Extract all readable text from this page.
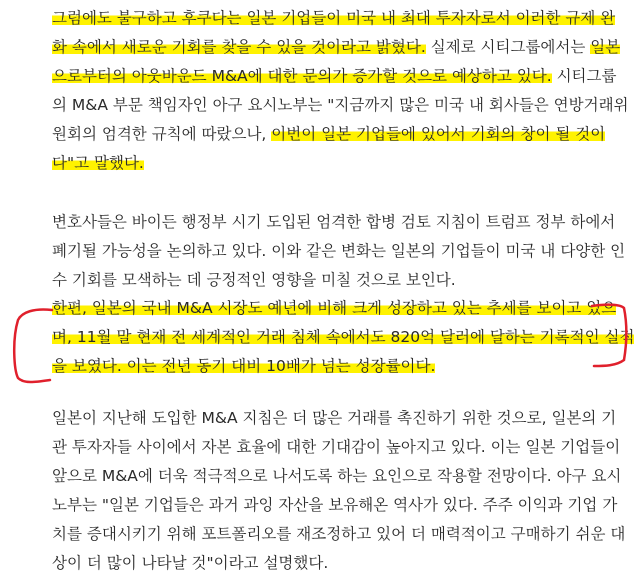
그럼에도 불구하고 후쿠다는 일본 기업들이 미국 내 최대 투자자로서 이러한 규제 완
화 속에서 새로운 기회를 찾을 수 있을 것이라고 밝혔다. 실제로 시티그룹에서는 일본
으로부터의 아웃바운드 M&A에 대한 문의가 증가할 것으로 예상하고 있다. 시티그룹
의 M&A 부문 책임자인 아구 요시노부는 "지금까지 많은 미국 내 회사들은 연방거래위
원회의 엄격한 규칙에 따랐으나, 이번이 일본 기업들에 있어서 기회의 창이 될 것이
다"고 말했다.
변호사들은 바이든 행정부 시기 도입된 엄격한 합병 검토 지침이 트럼프 정부 하에서
폐기될 가능성을 논의하고 있다. 이와 같은 변화는 일본의 기업들이 미국 내 다양한 인
수 기회를 모색하는 데 긍정적인 영향을 미칠 것으로 보인다.
한편, 일본의 국내 M&A 시장도 예년에 비해 크게 성장하고 있는 추세를 보이고 있으
며, 11월 말 현재 전 세계적인 거래 침체 속에서도 820억 달러에 달하는 기록적인 실적
을 보였다. 이는 전년 동기 대비 10배가 넘는 성장률이다.
일본이 지난해 도입한 M&A 지침은 더 많은 거래를 촉진하기 위한 것으로, 일본의 기
관 투자자들 사이에서 자본 효율에 대한 기대감이 높아지고 있다. 이는 일본 기업들이
앞으로 M&A에 더욱 적극적으로 나서도록 하는 요인으로 작용할 전망이다. 아구 요시
노부는 "일본 기업들은 과거 과잉 자산을 보유해온 역사가 있다. 주주 이익과 기업 가
치를 증대시키기 위해 포트폴리오를 재조정하고 있어 더 매력적이고 구매하기 쉬운 대
상이 더 많이 나타날 것"이라고 설명했다.
